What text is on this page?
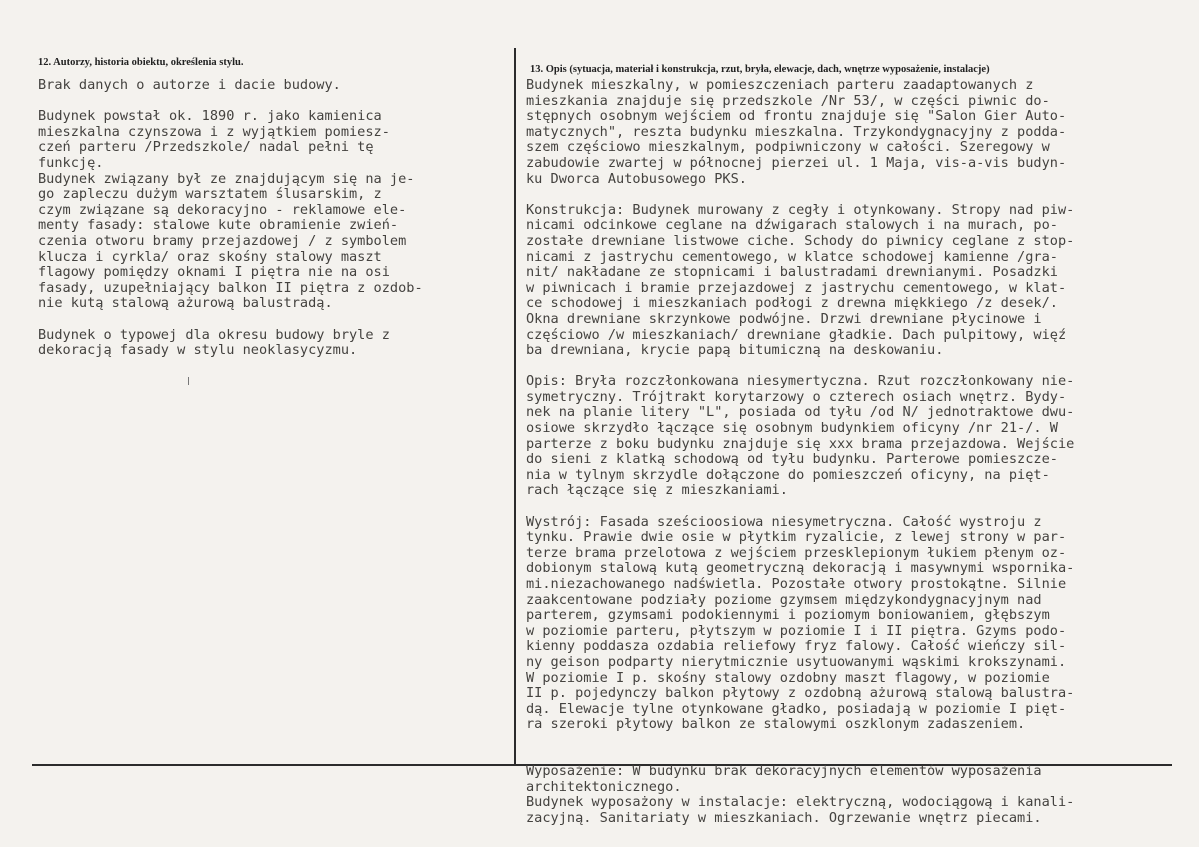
12. Autorzy, historia obiektu, określenia stylu.
13. Opis (sytuacja, materiał i konstrukcja, rzut, bryła, elewacje, dach, wnętrze wyposażenie, instalacje)
Brak danych o autorze i dacie budowy.

Budynek powstał ok. 1890 r. jako kamienica
mieszkalna czynszowa i z wyjątkiem pomiesz-
czeń parteru /Przedszkole/ nadal pełni tę
funkcję.
Budynek związany był ze znajdującym się na je-
go zapleczu dużym warsztatem ślusarskim, z
czym związane są dekoracyjno - reklamowe ele-
menty fasady: stalowe kute obramienie zwień-
czenia otworu bramy przejazdowej / z symbolem
klucza i cyrkla/ oraz skośny stalowy maszt
flagowy pomiędzy oknami I piętra nie na osi
fasady, uzupełniający balkon II piętra z ozdob-
nie kutą stalową ażurową balustradą.

Budynek o typowej dla okresu budowy bryle z
dekoracją fasady w stylu neoklasycyzmu.
Budynek mieszkalny, w pomieszczeniach parteru zaadaptowanych z
mieszkania znajduje się przedszkole /Nr 53/, w części piwnic do-
stępnych osobnym wejściem od frontu znajduje się "Salon Gier Auto-
matycznych", reszta budynku mieszkalna. Trzykondygnacyjny z podda-
szem częściowo mieszkalnym, podpiwniczony w całości. Szeregowy w
zabudowie zwartej w północnej pierzei ul. 1 Maja, vis-a-vis budyn-
ku Dworca Autobusowego PKS.

Konstrukcja: Budynek murowany z cegły i otynkowany. Stropy nad piw-
nicami odcinkowe ceglane na dźwigarach stalowych i na murach, po-
zostałe drewniane listwowe ciche. Schody do piwnicy ceglane z stop-
nicami z jastrychu cementowego, w klatce schodowej kamienne /gra-
nit/ nakładane ze stopnicami i balustradami drewnianymi. Posadzki
w piwnicach i bramie przejazdowej z jastrychu cementowego, w klat-
ce schodowej i mieszkaniach podłogi z drewna miękkiego /z desek/.
Okna drewniane skrzynkowe podwójne. Drzwi drewniane płycinowe i
częściowo /w mieszkaniach/ drewniane gładkie. Dach pulpitowy, więź
ba drewniana, krycie papą bitumiczną na deskowaniu.

Opis: Bryła rozczłonkowana niesymertyczna. Rzut rozczłonkowany nie-
symetryczny. Trójtrakt korytarzowy o czterech osiach wnętrz. Bydy-
nek na planie litery "L", posiada od tyłu /od N/ jednotraktowe dwu-
osiowe skrzydło łączące się osobnym budynkiem oficyny /nr 21-/. W
parterze z boku budynku znajduje się xxx brama przejazdowa. Wejście
do sieni z klatką schodową od tyłu budynku. Parterowe pomieszcze-
nia w tylnym skrzydle dołączone do pomieszczeń oficyny, na pięt-
rach łączące się z mieszkaniami.

Wystrój: Fasada sześcioosiowa niesymetryczna. Całość wystroju z
tynku. Prawie dwie osie w płytkim ryzalicie, z lewej strony w par-
terze brama przelotowa z wejściem przesklepionym łukiem płenym oz-
dobionym stalową kutą geometryczną dekoracją i masywnymi wspornika-
mi.niezachowanego nadświetla. Pozostałe otwory prostokątne. Silnie
zaakcentowane podziały poziome gzymsem międzykondygnacyjnym nad
parterem, gzymsami podokiennymi i poziomym boniowaniem, głębszym
w poziomie parteru, płytszym w poziomie I i II piętra. Gzyms podo-
kienny poddasza ozdabia reliefowy fryz falowy. Całość wieńczy sil-
ny geison podparty nierytmicznie usytuowanymi wąskimi krokszynami.
W poziomie I p. skośny stalowy ozdobny maszt flagowy, w poziomie
II p. pojedynczy balkon płytowy z ozdobną ażurową stalową balustra-
dą. Elewacje tylne otynkowane gładko, posiadają w poziomie I pięt-
ra szeroki płytowy balkon ze stalowymi oszklonym zadaszeniem.
Wyposażenie: W budynku brak dekoracyjnych elementów wyposażenia
architektonicznego.
Budynek wyposażony w instalacje: elektryczną, wodociągową i kanali-
zacyjną. Sanitariaty w mieszkaniach. Ogrzewanie wnętrz piecami.
